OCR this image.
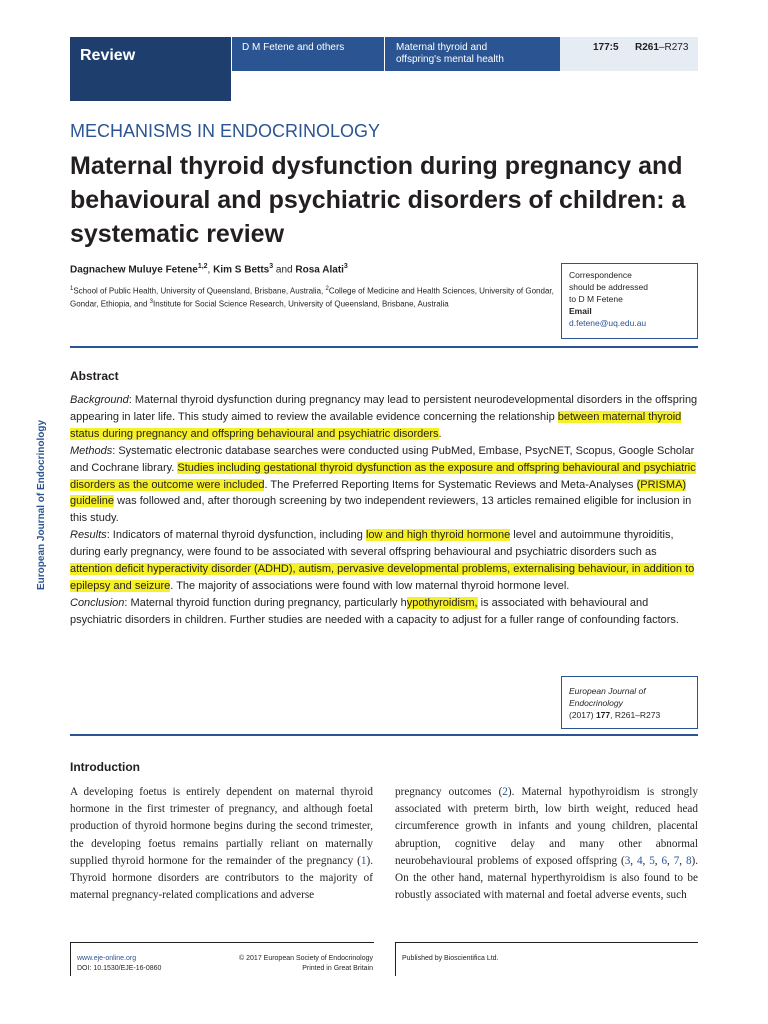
Review	D M Fetene and others	Maternal thyroid and
offspring's mental health
177:5 R261–R273
European Journal of Endocrinology
MECHANISMS IN ENDOCRINOLOGY
Maternal thyroid dysfunction during pregnancy and behavioural and psychiatric disorders of children: a systematic review
Dagnachew Muluye Fetene$^{1,2}$, Kim S Betts$^3$ and Rosa Alati$^3$
$^1$School of Public Health, University of Queensland, Brisbane, Australia, $^2$College of Medicine and Health Sciences, University of Gondar, Gondar, Ethiopia, and $^3$Institute for Social Science Research, University of Queensland, Brisbane, Australia
Correspondence
should be addressed
to D M Fetene
Email
d.fetene@uq.edu.au
Abstract
Background: Maternal thyroid dysfunction during pregnancy may lead to persistent neurodevelopmental disorders in the offspring appearing in later life. This study aimed to review the available evidence concerning the relationship between maternal thyroid status during pregnancy and offspring behavioural and psychiatric disorders.
Methods: Systematic electronic database searches were conducted using PubMed, Embase, PsycNET, Scopus, Google Scholar and Cochrane library. Studies including gestational thyroid dysfunction as the exposure and offspring behavioural and psychiatric disorders as the outcome were included. The Preferred Reporting Items for Systematic Reviews and Meta-Analyses (PRISMA) guideline was followed and, after thorough screening by two independent reviewers, 13 articles remained eligible for inclusion in this study.
Results: Indicators of maternal thyroid dysfunction, including low and high thyroid hormone level and autoimmune thyroiditis, during early pregnancy, were found to be associated with several offspring behavioural and psychiatric disorders such as attention deficit hyperactivity disorder (ADHD), autism, pervasive developmental problems, externalising behaviour, in addition to epilepsy and seizure. The majority of associations were found with low maternal thyroid hormone level.
Conclusion: Maternal thyroid function during pregnancy, particularly hypothyroidism, is associated with behavioural and psychiatric disorders in children. Further studies are needed with a capacity to adjust for a fuller range of confounding factors.
European Journal of
Endocrinology
(2017) 177, R261–R273
Introduction
A developing foetus is entirely dependent on maternal thyroid hormone in the first trimester of pregnancy, and although foetal production of thyroid hormone begins during the second trimester, the developing foetus remains partially reliant on maternally supplied thyroid hormone for the remainder of the pregnancy (1). Thyroid hormone disorders are contributors to the majority of maternal pregnancy-related complications and adverse
pregnancy outcomes (2). Maternal hypothyroidism is strongly associated with preterm birth, low birth weight, reduced head circumference growth in infants and young children, placental abruption, cognitive delay and many other abnormal neurobehavioural problems of exposed offspring (3, 4, 5, 6, 7, 8). On the other hand, maternal hyperthyroidism is also found to be robustly associated with maternal and foetal adverse events, such
www.eje-online.org
DOI: 10.1530/EJE-16-0860
© 2017 European Society of Endocrinology
Printed in Great Britain
Published by Bioscientifica Ltd.
